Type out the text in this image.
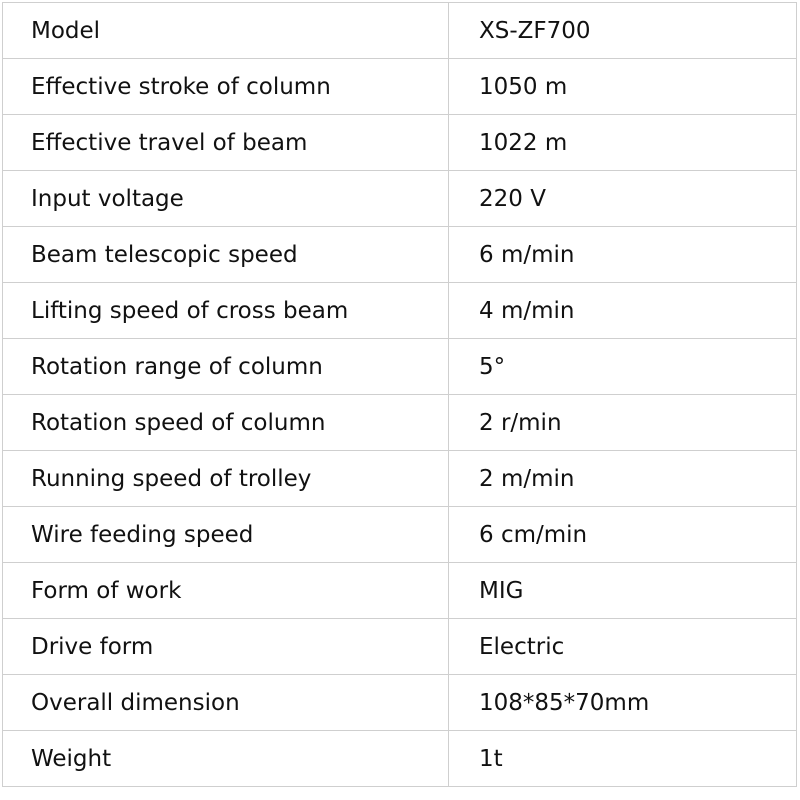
Model	XS-ZF700
Effective stroke of column	1050 m
Effective travel of beam	1022 m
Input voltage	220 V
Beam telescopic speed	6 m/min
Lifting speed of cross beam	4 m/min
Rotation range of column	5°
Rotation speed of column	2 r/min
Running speed of trolley	2 m/min
Wire feeding speed	6 cm/min
Form of work	MIG
Drive form	Electric
Overall dimension	108*85*70mm
Weight	1t
